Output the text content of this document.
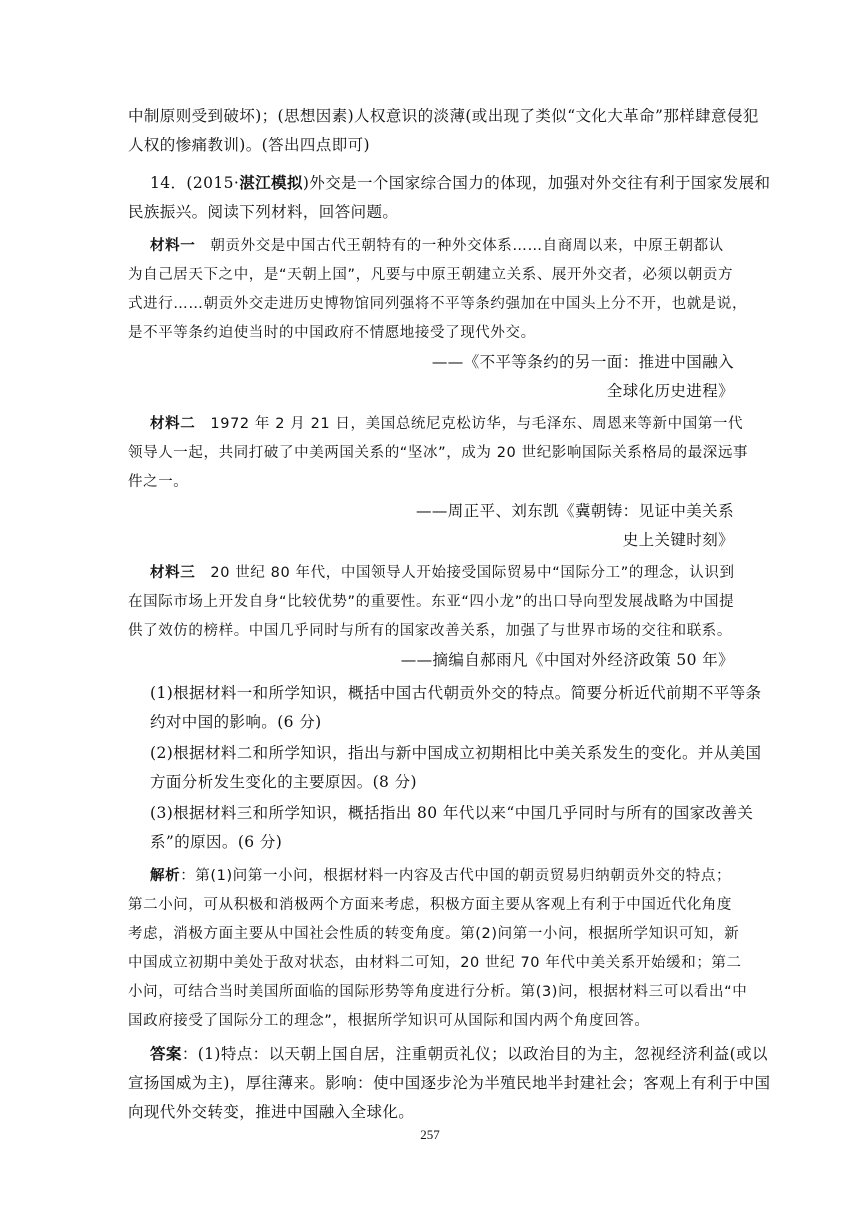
中制原则受到破坏)；(思想因素)人权意识的淡薄(或出现了类似“文化大革命”那样肆意侵犯
人权的惨痛教训)。(答出四点即可)
14．(2015·湛江模拟)外交是一个国家综合国力的体现，加强对外交往有利于国家发展和
民族振兴。阅读下列材料，回答问题。
材料一　朝贡外交是中国古代王朝特有的一种外交体系……自商周以来，中原王朝都认
为自己居天下之中，是“天朝上国”，凡要与中原王朝建立关系、展开外交者，必须以朝贡方
式进行……朝贡外交走进历史博物馆同列强将不平等条约强加在中国头上分不开，也就是说，
是不平等条约迫使当时的中国政府不情愿地接受了现代外交。
——《不平等条约的另一面：推进中国融入
全球化历史进程》
材料二　1972 年 2 月 21 日，美国总统尼克松访华，与毛泽东、周恩来等新中国第一代
领导人一起，共同打破了中美两国关系的“坚冰”，成为 20 世纪影响国际关系格局的最深远事
件之一。
——周正平、刘东凯《冀朝铸：见证中美关系
史上关键时刻》
材料三　20 世纪 80 年代，中国领导人开始接受国际贸易中“国际分工”的理念，认识到
在国际市场上开发自身“比较优势”的重要性。东亚“四小龙”的出口导向型发展战略为中国提
供了效仿的榜样。中国几乎同时与所有的国家改善关系，加强了与世界市场的交往和联系。
——摘编自郝雨凡《中国对外经济政策 50 年》
(1)根据材料一和所学知识，概括中国古代朝贡外交的特点。简要分析近代前期不平等条
约对中国的影响。(6 分)
(2)根据材料二和所学知识，指出与新中国成立初期相比中美关系发生的变化。并从美国
方面分析发生变化的主要原因。(8 分)
(3)根据材料三和所学知识，概括指出 80 年代以来“中国几乎同时与所有的国家改善关
系”的原因。(6 分)
解析：第(1)问第一小问，根据材料一内容及古代中国的朝贡贸易归纳朝贡外交的特点；
第二小问，可从积极和消极两个方面来考虑，积极方面主要从客观上有利于中国近代化角度
考虑，消极方面主要从中国社会性质的转变角度。第(2)问第一小问，根据所学知识可知，新
中国成立初期中美处于敌对状态，由材料二可知，20 世纪 70 年代中美关系开始缓和；第二
小问，可结合当时美国所面临的国际形势等角度进行分析。第(3)问，根据材料三可以看出“中
国政府接受了国际分工的理念”，根据所学知识可从国际和国内两个角度回答。
答案：(1)特点：以天朝上国自居，注重朝贡礼仪；以政治目的为主，忽视经济利益(或以
宣扬国威为主)，厚往薄来。影响：使中国逐步沦为半殖民地半封建社会；客观上有利于中国
向现代外交转变，推进中国融入全球化。
257
